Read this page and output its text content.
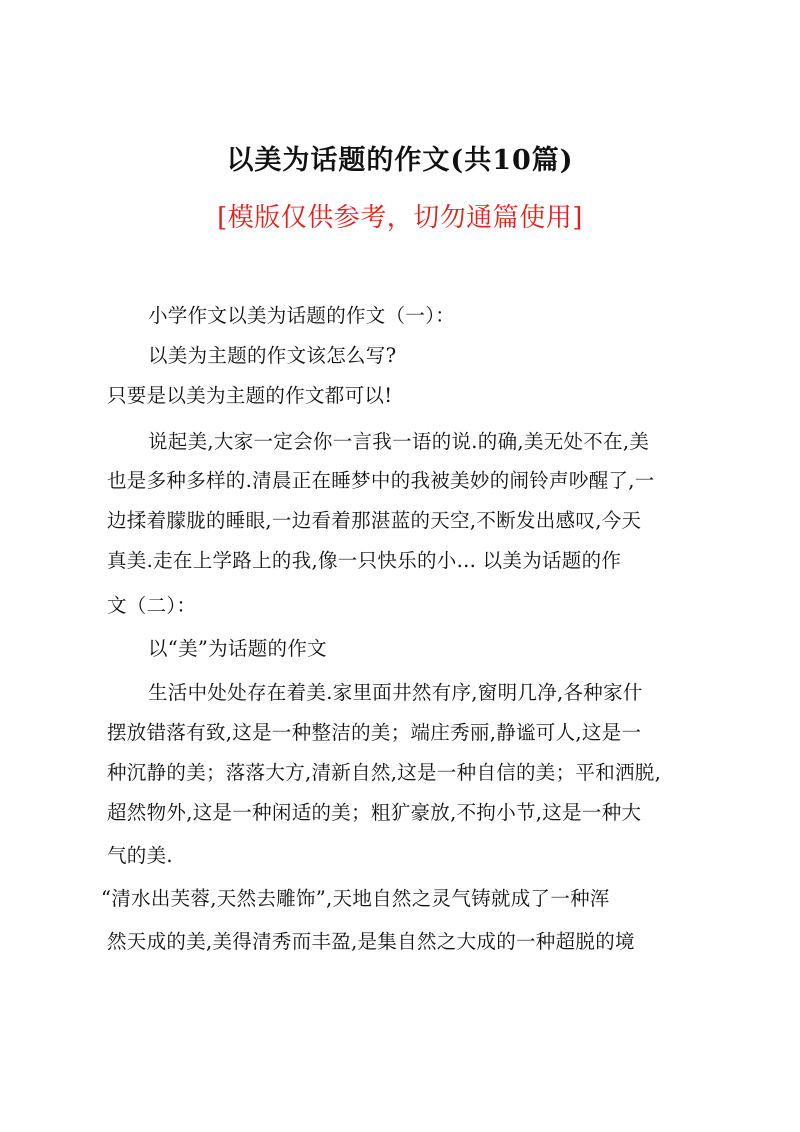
以美为话题的作文(共10篇)
[模版仅供参考，切勿通篇使用]
小学作文以美为话题的作文（一）：
以美为主题的作文该怎么写?
只要是以美为主题的作文都可以!
说起美,大家一定会你一言我一语的说.的确,美无处不在,美
也是多种多样的.清晨正在睡梦中的我被美妙的闹铃声吵醒了,一
边揉着朦胧的睡眼,一边看着那湛蓝的天空,不断发出感叹,今天
真美.走在上学路上的我,像一只快乐的小... 以美为话题的作
文（二）：
以“美”为话题的作文
生活中处处存在着美.家里面井然有序,窗明几净,各种家什
摆放错落有致,这是一种整洁的美；端庄秀丽,静谧可人,这是一
种沉静的美；落落大方,清新自然,这是一种自信的美；平和洒脱,
超然物外,这是一种闲适的美；粗犷豪放,不拘小节,这是一种大
气的美.
“清水出芙蓉,天然去雕饰”,天地自然之灵气铸就成了一种浑
然天成的美,美得清秀而丰盈,是集自然之大成的一种超脱的境
